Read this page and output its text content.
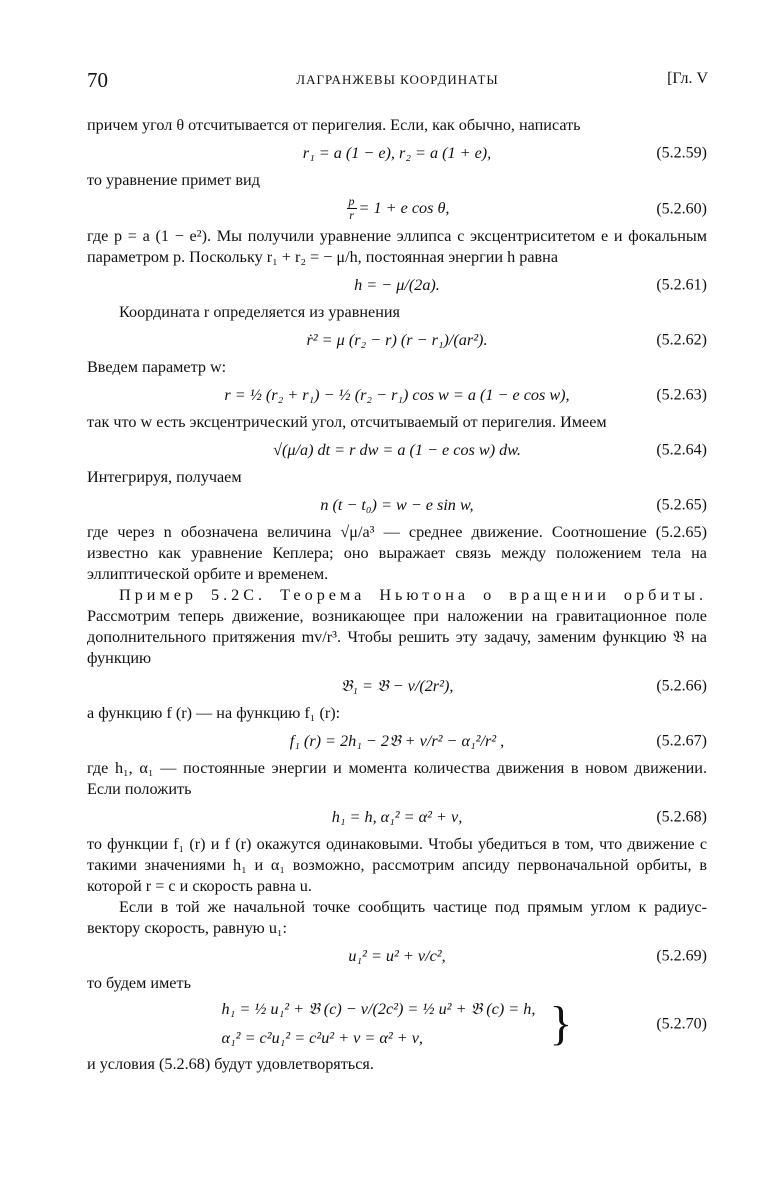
70	ЛАГРАНЖЕВЫ КООРДИНАТЫ	[Гл. V

причем угол θ отсчитывается от перигелия. Если, как обычно, написать

r₁ = a (1 − e), r₂ = a (1 + e),	(5.2.59)

то уравнение примет вид

$\frac{p}{r} = 1 + e$ cos θ,	(5.2.60)

где p = a (1 − e²). Мы получили уравнение эллипса с эксцентриситетом e и фокальным параметром p. Поскольку r₁ + r₂ = − μ/h, постоянная энергии h равна

h = − μ/(2a).	(5.2.61)

Координата r определяется из уравнения

ṙ² = μ (r₂ − r) (r − r₁)/(ar²).	(5.2.62)

Введем параметр w:

r = ½ (r₂ + r₁) − ½ (r₂ − r₁) cos w = a (1 − e cos w),	(5.2.63)

так что w есть эксцентрический угол, отсчитываемый от перигелия. Имеем

√(μ/a) dt = r dw = a (1 − e cos w) dw.	(5.2.64)

Интегрируя, получаем

n (t − t₀) = w − e sin w,	(5.2.65)

где через n обозначена величина √μ/a³ — среднее движение. Соотношение (5.2.65) известно как уравнение Кеплера; оно выражает связь между положением тела на эллиптической орбите и временем.

Пример 5.2С. Теорема Ньютона о вращении орбиты. Рассмотрим теперь движение, возникающее при наложении на гравитационное поле дополнительного притяжения mv/r³. Чтобы решить эту задачу, заменим функцию 𝔅 на функцию

𝔅₁ = 𝔅 − ν/(2r²),	(5.2.66)

а функцию f (r) — на функцию f₁ (r):

f₁ (r) = 2h₁ − 2𝔅 + ν/r² − α₁²/r² ,	(5.2.67)

где h₁, α₁ — постоянные энергии и момента количества движения в новом движении. Если положить

h₁ = h, α₁² = α² + ν,	(5.2.68)

то функции f₁ (r) и f (r) окажутся одинаковыми. Чтобы убедиться в том, что движение с такими значениями h₁ и α₁ возможно, рассмотрим апсиду первоначальной орбиты, в которой r = c и скорость равна u.

Если в той же начальной точке сообщить частице под прямым углом к радиус-вектору скорость, равную u₁:

u₁² = u² + ν/c²,	(5.2.69)

то будем иметь

h₁ = ½ u₁² + 𝔅 (c) − ν/(2c²) = ½ u² + 𝔅 (c) = h,
α₁² = c²u₁² = c²u² + ν = α² + ν,	}	(5.2.70)

и условия (5.2.68) будут удовлетворяться.
